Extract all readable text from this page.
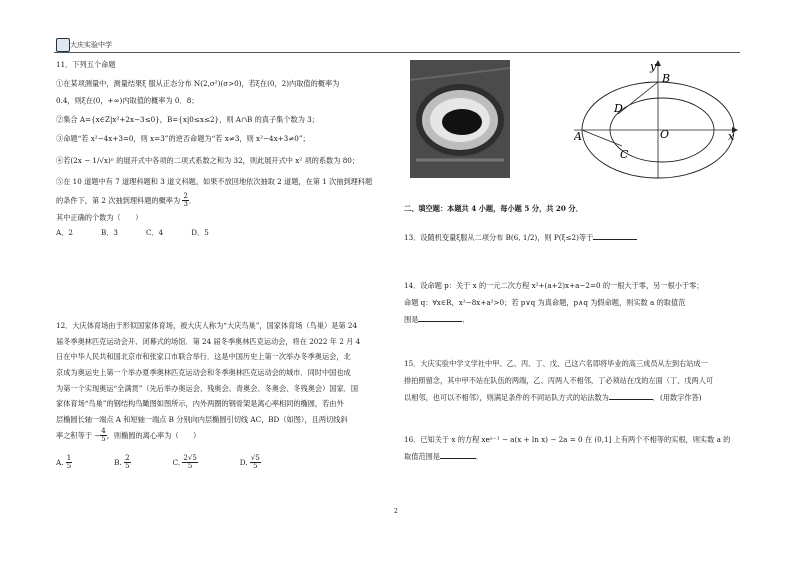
大庆实验中学

11．下列五个命题

①在某项测量中，测量结果ξ 服从正态分布 N(2,σ²)(σ>0)，若ξ在(0，2)内取值的概率为

0.4，则ξ在(0，+∞)内取值的概率为 0．8；

②集合 A={x∈Z|x²+2x−3≤0}，B={x|0≤x≤2}，则 A∩B 的真子集个数为 3；

③命题“若 x²−4x+3=0，则 x=3”的逆否命题为“若 x≠3，则 x²−4x+3≠0”；

④若(2x − 1/√x)ⁿ 的展开式中各项的二项式系数之和为 32，则此展开式中 x² 项的系数为 80；

⑤在 10 道题中有 7 道理科题和 3 道文科题，如果不放回地依次抽取 2 道题，在第 1 次抽到理科题

的条件下，第 2 次抽到理科题的概率为 $\frac{2}{3}$ ．

其中正确的个数为（　　）

A．2	B．3	C．4	D．5

12．大庆体育场由于形似国家体育场，被大庆人称为“大庆鸟巢”，国家体育场（鸟巢）是第 24

届冬季奥林匹克运动会开、闭幕式的场馆．第 24 届冬季奥林匹克运动会，将在 2022 年 2 月 4

日在中华人民共和国北京市和张家口市联合举行．这是中国历史上第一次举办冬季奥运会，北

京成为奥运史上第一个举办夏季奥林匹克运动会和冬季奥林匹克运动会的城市．同时中国也成

为第一个实现奥运“全满贯”（先后举办奥运会、残奥会、青奥会、冬奥会、冬残奥会）国家．国

家体育场“鸟巢”的钢结构鸟瞰图如图所示，内外两圈的钢骨架是离心率相同的椭圆，若由外

层椭圆长轴一端点 A 和短轴一端点 B 分别向内层椭圆引切线 AC，BD（如图），且两切线斜

率之积等于 − $\frac{4}{5}$ ，则椭圆的离心率为（　　）

A. $\frac{1}{5}$	B. $\frac{2}{5}$	C. $\frac{2√5}{5}$	D. $\frac{√5}{5}$
y
B
D
O
A
C
x

二、填空题：本题共 4 小题，每小题 5 分，共 20 分．

13．设随机变量ξ服从二项分布 B(6, 1/2)，则 P(ξ≤2)等于

14．设命题 p：关于 x 的一元二次方程 x²+(a+2)x+a−2=0 的一根大于零，另一根小于零；

命题 q：∀x∈R，x²−8x+a²>0；若 p∨q 为真命题，p∧q 为假命题，则实数 a 的取值范

围是	．

15．大庆实验中学文学社中甲、乙、丙、丁、戊、己这六名即将毕业的高三成员从左到右站成一

排拍照留念，其中甲不站在队伍的两端，乙、丙两人不相邻，丁必须站在戊的左面（丁、戊两人可

以相邻，也可以不相邻），则满足条件的不同站队方式的站法数为	．(用数字作答)

16．已知关于 x 的方程 xeˣ⁻¹ − a(x + ln x) − 2a = 0 在 (0,1] 上有两个不相等的实根，则实数 a 的

取值范围是	．

2
